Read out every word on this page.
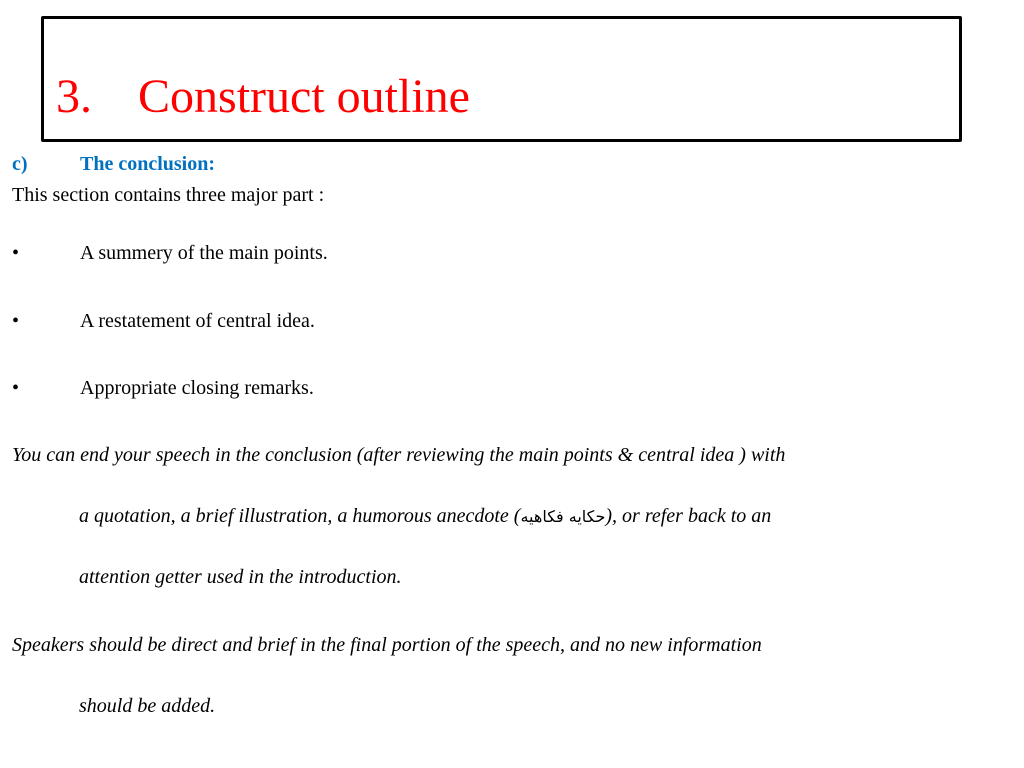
3. Construct outline
c)	The conclusion:
This section contains three major part :
•	A summery of the main points.
•	A restatement of central idea.
•	Appropriate closing remarks.
You can end your speech in the conclusion (after reviewing the main points & central idea ) with
a quotation, a brief illustration, a humorous anecdote (حكايه فكاهيه), or refer back to an
attention getter used in the introduction.
Speakers should be direct and brief in the final portion of the speech, and no new information
should be added.
